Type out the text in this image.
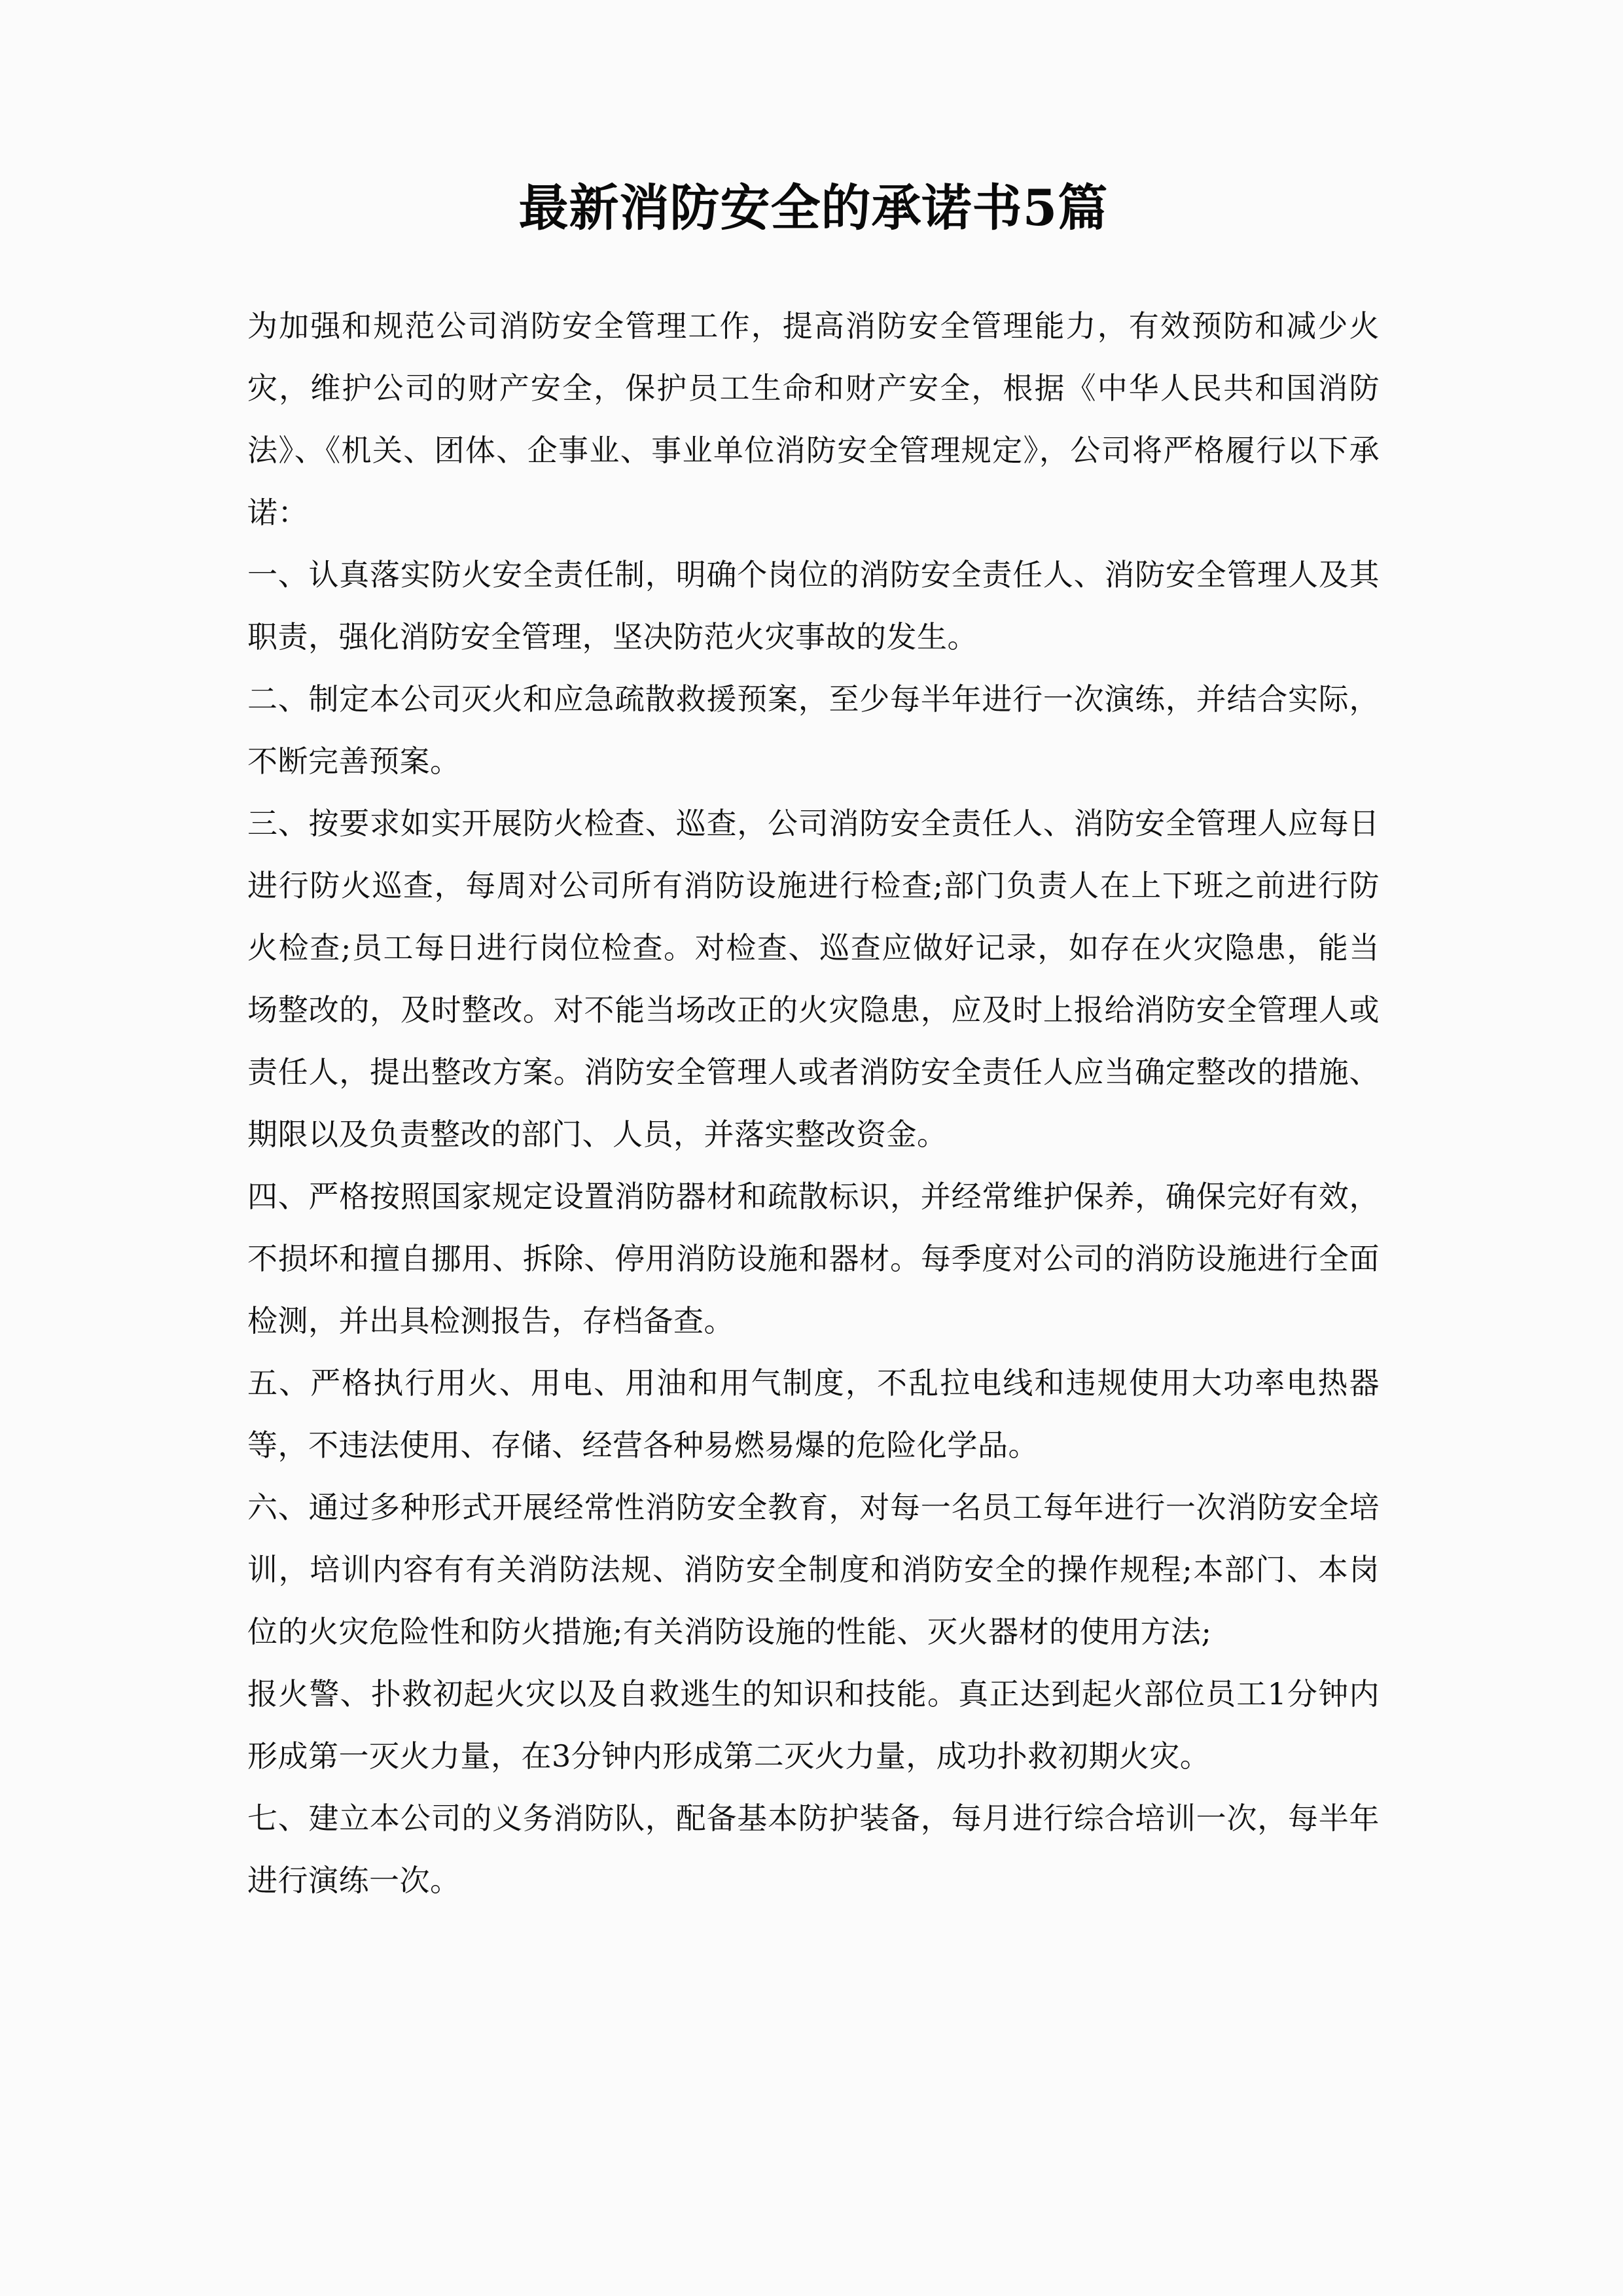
最新消防安全的承诺书5篇

为加强和规范公司消防安全管理工作，提高消防安全管理能力，有效预防和减少火灾，维护公司的财产安全，保护员工生命和财产安全，根据《中华人民共和国消防法》、《机关、团体、企事业、事业单位消防安全管理规定》，公司将严格履行以下承诺：

一、认真落实防火安全责任制，明确个岗位的消防安全责任人、消防安全管理人及其职责，强化消防安全管理，坚决防范火灾事故的发生。

二、制定本公司灭火和应急疏散救援预案，至少每半年进行一次演练，并结合实际，不断完善预案。

三、按要求如实开展防火检查、巡查，公司消防安全责任人、消防安全管理人应每日进行防火巡查，每周对公司所有消防设施进行检查;部门负责人在上下班之前进行防火检查;员工每日进行岗位检查。对检查、巡查应做好记录，如存在火灾隐患，能当场整改的，及时整改。对不能当场改正的火灾隐患，应及时上报给消防安全管理人或责任人，提出整改方案。消防安全管理人或者消防安全责任人应当确定整改的措施、期限以及负责整改的部门、人员，并落实整改资金。

四、严格按照国家规定设置消防器材和疏散标识，并经常维护保养，确保完好有效，不损坏和擅自挪用、拆除、停用消防设施和器材。每季度对公司的消防设施进行全面检测，并出具检测报告，存档备查。

五、严格执行用火、用电、用油和用气制度，不乱拉电线和违规使用大功率电热器等，不违法使用、存储、经营各种易燃易爆的危险化学品。

六、通过多种形式开展经常性消防安全教育，对每一名员工每年进行一次消防安全培训，培训内容有有关消防法规、消防安全制度和消防安全的操作规程;本部门、本岗位的火灾危险性和防火措施;有关消防设施的性能、灭火器材的使用方法;

报火警、扑救初起火灾以及自救逃生的知识和技能。真正达到起火部位员工1分钟内形成第一灭火力量，在3分钟内形成第二灭火力量，成功扑救初期火灾。

七、建立本公司的义务消防队，配备基本防护装备，每月进行综合培训一次，每半年进行演练一次。
